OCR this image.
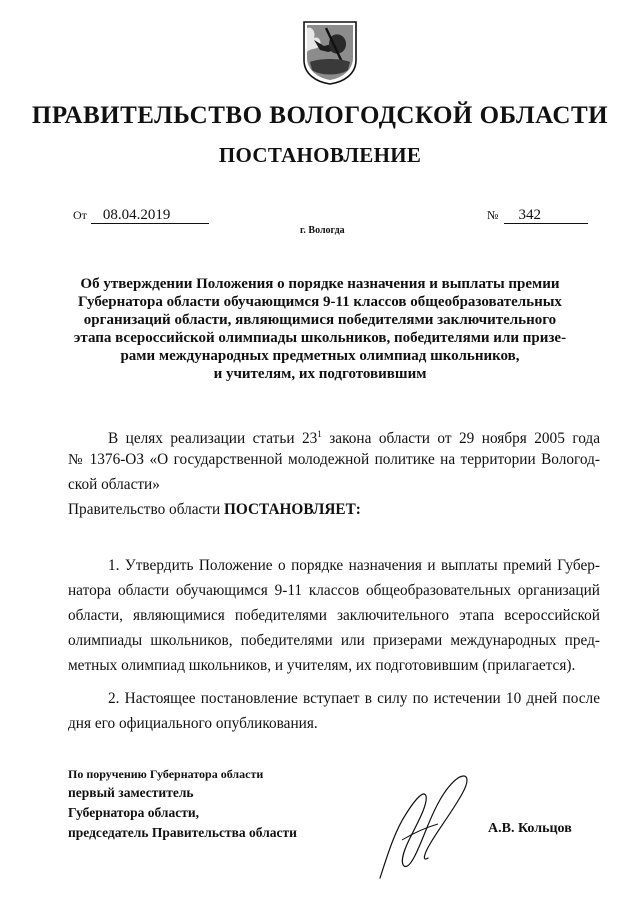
ПРАВИТЕЛЬСТВО ВОЛОГОДСКОЙ ОБЛАСТИ
ПОСТАНОВЛЕНИЕ
От 08.04.2019	№ 342
г. Вологда
Об утверждении Положения о порядке назначения и выплаты премии
Губернатора области обучающимся 9-11 классов общеобразовательных
организаций области, являющимися победителями заключительного
этапа всероссийской олимпиады школьников, победителями или призе-
рами международных предметных олимпиад школьников,
и учителям, их подготовившим
В целях реализации статьи $23^1$ закона области от 29 ноября 2005 года
№ 1376-ОЗ «О государственной молодежной политике на территории Вологод-
ской области»
Правительство области ПОСТАНОВЛЯЕТ:
1. Утвердить Положение о порядке назначения и выплаты премий Губер-
натора области обучающимся 9-11 классов общеобразовательных организаций
области, являющимися победителями заключительного этапа всероссийской
олимпиады школьников, победителями или призерами международных пред-
метных олимпиад школьников, и учителям, их подготовившим (прилагается).
2. Настоящее постановление вступает в силу по истечении 10 дней после
дня его официального опубликования.
По поручению Губернатора области
первый заместитель
Губернатора области,
председатель Правительства области	А.В. Кольцов
